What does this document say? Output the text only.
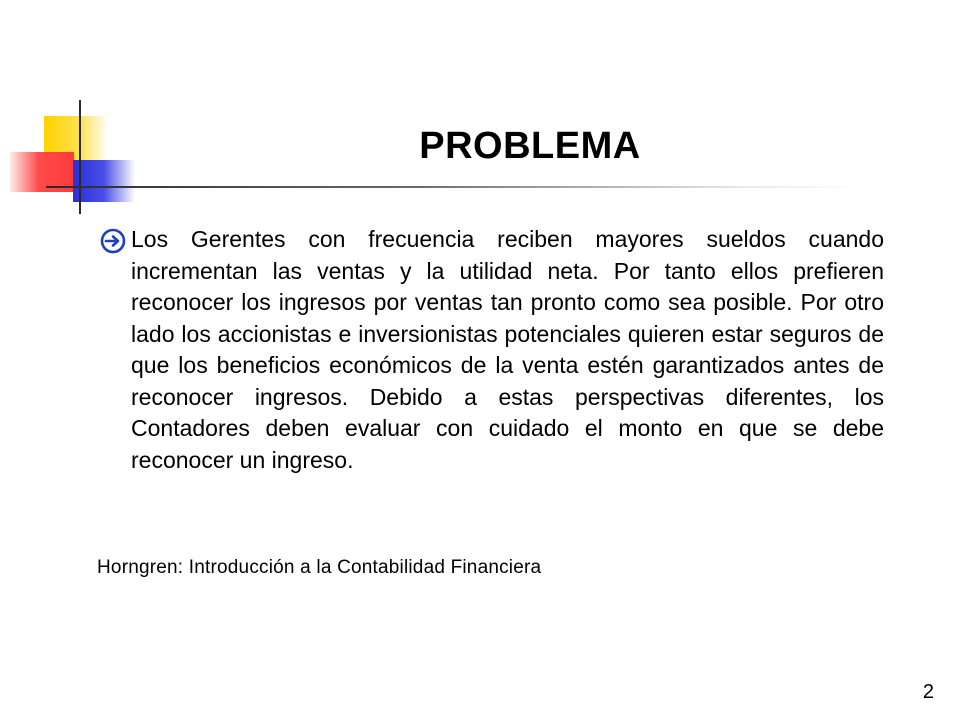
PROBLEMA
Los Gerentes con frecuencia reciben mayores sueldos cuando incrementan las ventas y la utilidad neta. Por tanto ellos prefieren reconocer los ingresos por ventas tan pronto como sea posible. Por otro lado los accionistas e inversionistas potenciales quieren estar seguros de que los beneficios económicos de la venta estén garantizados antes de reconocer ingresos. Debido a estas perspectivas diferentes, los Contadores deben evaluar con cuidado el monto en que se debe reconocer un ingreso.
Horngren: Introducción a la Contabilidad Financiera
2
